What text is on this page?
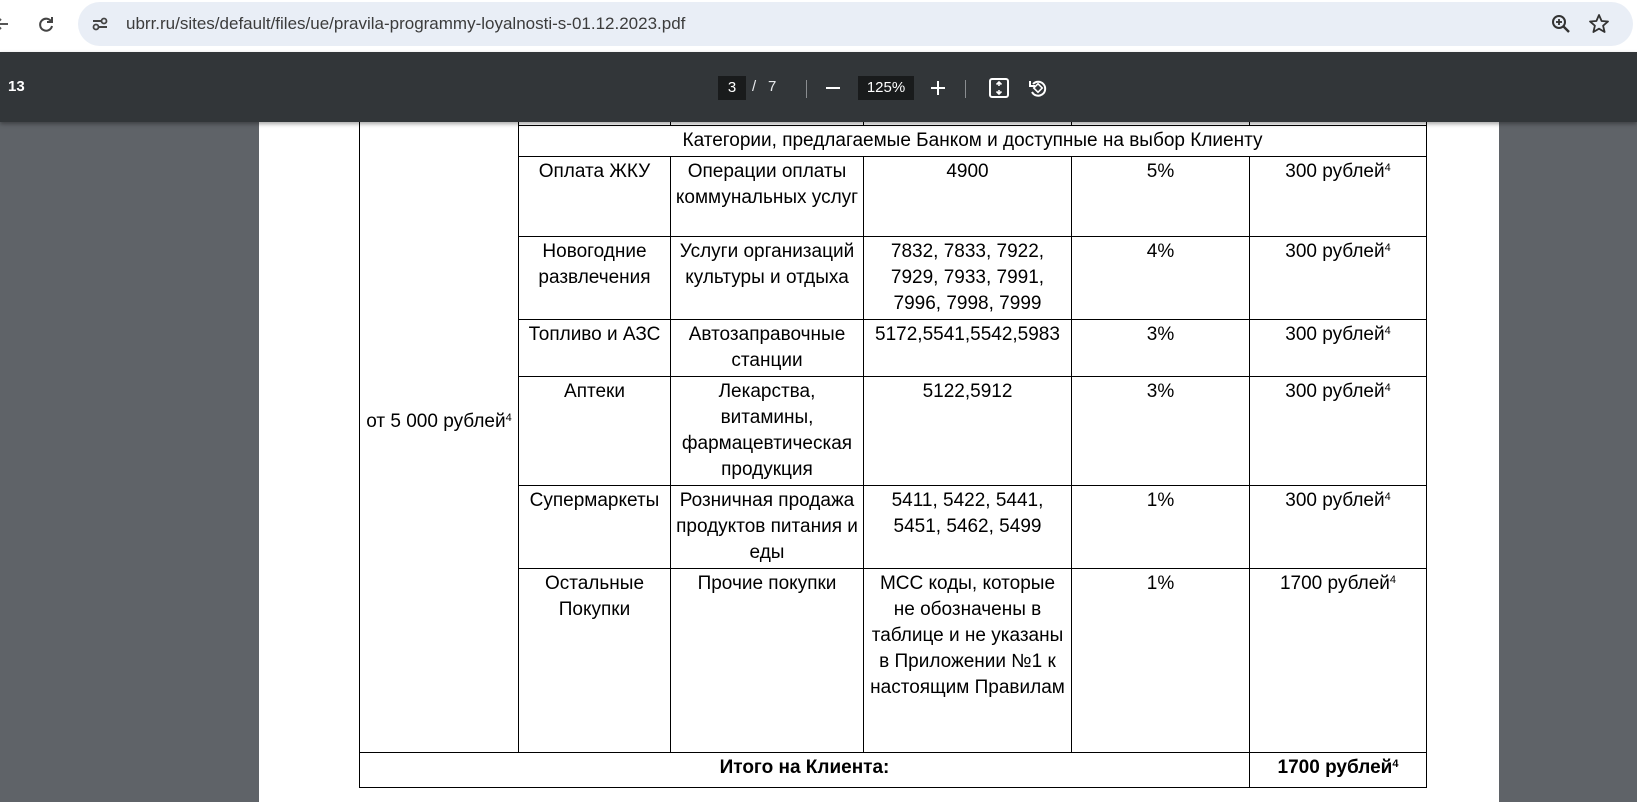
ubrr.ru/sites/default/files/ue/pravila-programmy-loyalnosti-s-01.12.2023.pdf
13	3	/ 7	125%
от 5 000 рублей$^4$					
	Категории, предлагаемые Банком и доступные на выбор Клиенту				
	Оплата ЖКУ	Операции оплаты коммунальных услуг	4900	5%	300 рублей$^4$
	Новогодние развлечения	Услуги организаций культуры и отдыха	7832, 7833, 7922, 7929, 7933, 7991, 7996, 7998, 7999	4%	300 рублей$^4$
	Топливо и АЗС	Автозаправочные станции	5172,5541,5542,5983	3%	300 рублей$^4$
	Аптеки	Лекарства, витамины, фармацевтическая продукция	5122,5912	3%	300 рублей$^4$
	Супермаркеты	Розничная продажа продуктов питания и еды	5411, 5422, 5441, 5451, 5462, 5499	1%	300 рублей$^4$
	Остальные Покупки	Прочие покупки	МСС коды, которые не обозначены в таблице и не указаны в Приложении №1 к настоящим Правилам	1%	1700 рублей$^4$
Итого на Клиента:					1700 рублей$^4$
